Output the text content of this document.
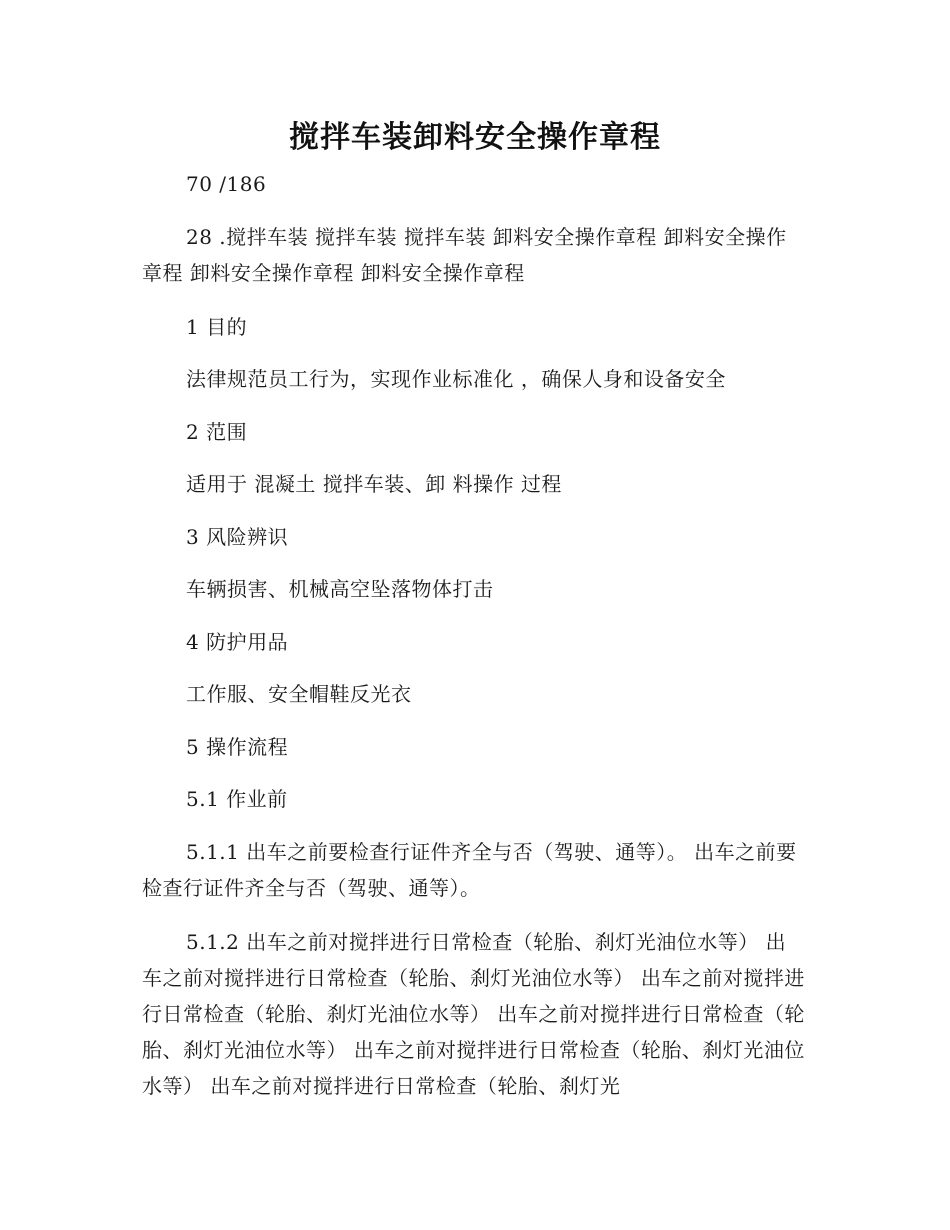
搅拌车装卸料安全操作章程
70 /186
28 .搅拌车装 搅拌车装 搅拌车装 卸料安全操作章程 卸料安全操作章程 卸料安全操作章程 卸料安全操作章程
1 目的
法律规范员工行为，实现作业标准化 ，确保人身和设备安全
2 范围
适用于 混凝土 搅拌车装、卸 料操作 过程
3 风险辨识
车辆损害、机械高空坠落物体打击
4 防护用品
工作服、安全帽鞋反光衣
5 操作流程
5.1 作业前
5.1.1 出车之前要检查行证件齐全与否（驾驶、通等）。 出车之前要检查行证件齐全与否（驾驶、通等）。
5.1.2 出车之前对搅拌进行日常检查（轮胎、刹灯光油位水等） 出车之前对搅拌进行日常检查（轮胎、刹灯光油位水等） 出车之前对搅拌进行日常检查（轮胎、刹灯光油位水等） 出车之前对搅拌进行日常检查（轮胎、刹灯光油位水等） 出车之前对搅拌进行日常检查（轮胎、刹灯光油位水等） 出车之前对搅拌进行日常检查（轮胎、刹灯光
